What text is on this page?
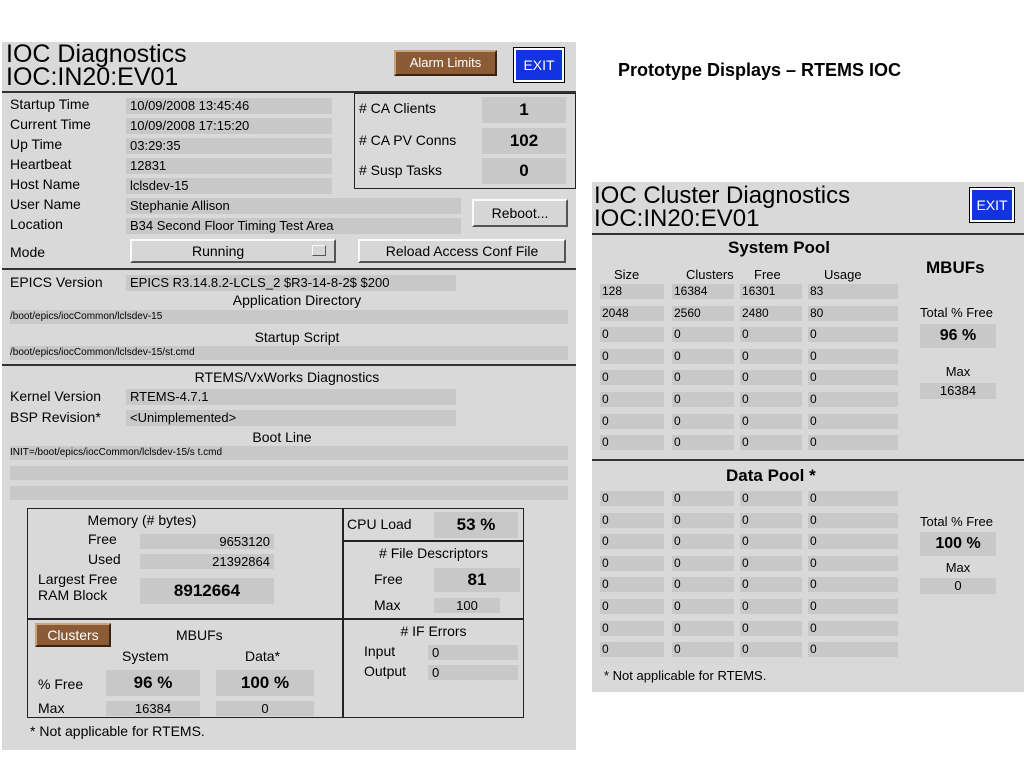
Prototype Displays – RTEMS IOC
IOC Diagnostics
IOC:IN20:EV01
Alarm Limits	EXIT
Startup Time	10/09/2008 13:45:46
Current Time	10/09/2008 17:15:20
Up Time	03:29:35
Heartbeat	12831
Host Name	lclsdev-15
User Name	Stephanie Allison
Location	B34 Second Floor Timing Test Area
# CA Clients	1
# CA PV Conns	102
# Susp Tasks	0
Reboot...
Mode	Running	Reload Access Conf File
EPICS Version	EPICS R3.14.8.2-LCLS_2 $R3-14-8-2$ $200
Application Directory
/boot/epics/iocCommon/lclsdev-15
Startup Script
/boot/epics/iocCommon/lclsdev-15/st.cmd
RTEMS/VxWorks Diagnostics
Kernel Version	RTEMS-4.7.1
BSP Revision*	<Unimplemented>
Boot Line
INIT=/boot/epics/iocCommon/lclsdev-15/s t.cmd
Memory (# bytes)
Free	9653120
Used	21392864
Largest Free
RAM Block	8912664
CPU Load	53 %
# File Descriptors
Free	81
Max	100
Clusters	MBUFs
System	Data*
% Free	96 %	100 %
Max	16384	0
# IF Errors
Input	0
Output	0
* Not applicable for RTEMS.
IOC Cluster Diagnostics
IOC:IN20:EV01	EXIT
System Pool
Size	Clusters Free	Usage
128	16384	16301	83
2048	2560	2480	80
0	0	0	0
0	0	0	0
0	0	0	0
0	0	0	0
0	0	0	0
0	0	0	0
MBUFs
Total % Free
96 %
Max
16384
Data Pool *
0	0	0	0
0	0	0	0
0	0	0	0
0	0	0	0
0	0	0	0
0	0	0	0
0	0	0	0
0	0	0	0
Total % Free
100 %
Max
0
* Not applicable for RTEMS.
